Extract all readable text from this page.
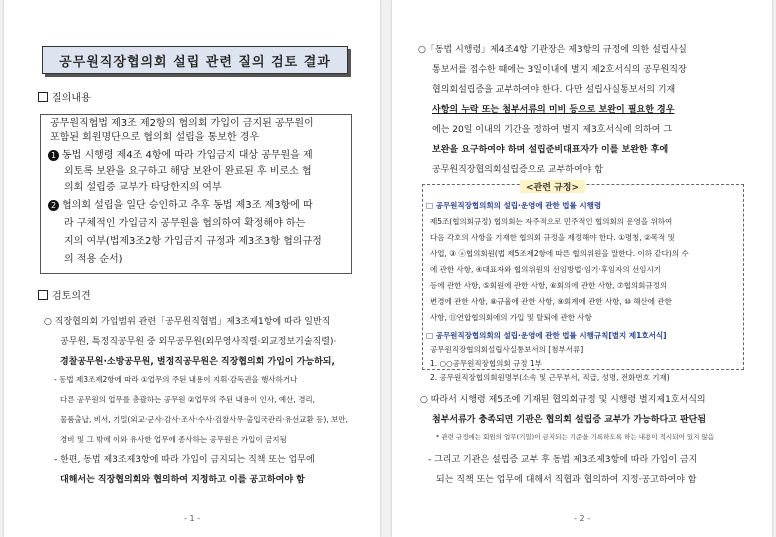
공무원직장협의회 설립 관련 질의 검토 결과
질의내용
공무원직협법 제3조 제2항의 협의회 가입이 금지된 공무원이
포함된 회원명단으로 협의회 설립을 통보한 경우
1 동법 시행령 제4조 4항에 따라 가입금지 대상 공무원을 제
외토록 보완을 요구하고 해당 보완이 완료된 후 비로소 협
의회 설립증 교부가 타당한지의 여부
2 협의회 설립을 일단 승인하고 추후 동법 제3조 제3항에 따
라 구체적인 가입금지 공무원을 협의하여 확정해야 하는
지의 여부(법제3조2항 가입금지 규정과 제3조3항 협의규정
의 적용 순서)
검토의견
○ 직장협의회 가입범위 관련「공무원직협법」제3조제1항에 따라 일반직
공무원, 특정직공무원 중 외무공무원(외무영사직렬·외교정보기술직렬)·
경찰공무원·소방공무원, 별정직공무원은 직장협의회 가입이 가능하되,
- 동법 제3조제2항에 따라 ①업무의 주된 내용이 지휘·감독권을 행사하거나
다른 공무원의 업무를 총괄하는 공무원 ②업무의 주된 내용이 인사, 예산, 경리,
물품출납, 비서, 기밀(외교·군사·감사·조사·수사·검찰사무·출입국관리·유선교환 등), 보안,
경비 및 그 밖에 이와 유사한 업무에 종사하는 공무원은 가입이 금지됨
- 한편, 동법 제3조제3항에 따라 가입이 금지되는 직책 또는 업무에
대해서는 직장협의회와 협의하여 지정하고 이를 공고하여야 함
- 1 -
○「동법 시행령」제4조4항 기관장은 제3항의 규정에 의한 설립사실
통보서를 접수한 때에는 3일이내에 별지 제2호서식의 공무원직장
협의회설립증을 교부하여야 한다. 다만 설립사실통보서의 기재
사항의 누락 또는 첨부서류의 미비 등으로 보완이 필요한 경우
에는 20일 이내의 기간을 정하여 별지 제3호서식에 의하여 그
보완을 요구하여야 하며 설립준비대표자가 이를 보완한 후에
공무원직장협의회설립증으로 교부하여야 함
<관련 규정>
□ 공무원직장협의회의 설립·운영에 관한 법률 시행령
제5조(협의회규정) 협의회는 자주적으로 민주적인 협의회의 운영을 위하여
다음 각호의 사항을 기재한 협의회 규정을 제정해야 한다. ①명칭, ②목적 및
사업, ③ ⓐ협의회원(법 제5조제2항에 따른 협의위원을 말한다. 이하 같다)의 수
에 관한 사항, ④대표자와 협의위원의 선임방법·임기·후임자의 선임시기
등에 관한 사항, ⑤회원에 관한 사항, ⑥회의에 관한 사항, ⑦협의회규정의
변경에 관한 사항, ⑧규율에 관한 사항, ⑨회계에 관한 사항, ⑩ 해산에 관한
사항, ⑪연합협의회에의 가입 및 탈퇴에 관한 사항
□ 공무원직장협의회의 설립·운영에 관한 법률 시행규칙[별지 제1호서식]
공무원직장협의회설립사실통보서의 [첨부서류]
1. ○○공무원직장협의회 규정 1부
2. 공무원직장협의회원명부(소속 및 근무부서, 직급, 성명, 전화번호 기재)
○ 따라서 시행령 제5조에 기재된 협의회규정 및 시행령 별지제1호서식의
첨부서류가 충족되면 기관은 협의회 설립증 교부가 가능하다고 판단됨
* 관련 규정에는 회원의 업무(기밀)이 금지되는 기준을 기록하도록 하는 내용이 적시되어 있지 않음
- 그리고 기관은 설립증 교부 후 동법 제3조제3항에 따라 가입이 금지
되는 직책 또는 업무에 대해서 직협과 협의하여 지정·공고하여야 함
- 2 -
